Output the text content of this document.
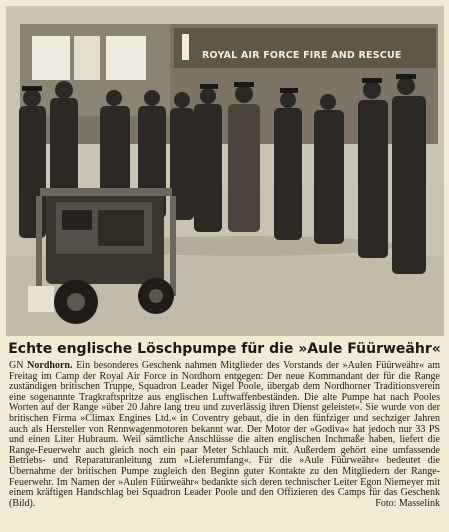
ROYAL AIR FORCE FIRE AND RESCUE
Echte englische Löschpumpe für die »Aule Füürweähr«
GN Nordhorn. Ein besonderes Geschenk nahmen Mitglieder des Vorstands der »Aulen Füürweähr« am Freitag im Camp der Royal Air Force in Nordhorn entgegen: Der neue Kommandant der für die Range zuständigen britischen Truppe, Squadron Leader Nigel Poole, übergab dem Nordhorner Traditionsverein eine sogenannte Tragkraftspritze aus englischen Luftwaffenbeständen. Die alte Pumpe hat nach Pooles Worten auf der Range »über 20 Jahre lang treu und zuverlässig ihren Dienst geleistet«. Sie wurde von der britischen Firma »Climax Engines Ltd.« in Coventry gebaut, die in den fünfziger und sechziger Jahren auch als Hersteller von Rennwagenmotoren bekannt war. Der Motor der »Godiva« hat jedoch nur 33 PS und einen Liter Hubraum. Weil sämtliche Anschlüsse die alten englischen Inchmaße haben, liefert die Range-Feuerwehr auch gleich noch ein paar Meter Schlauch mit. Außerdem gehört eine umfassende Betriebs- und Reparaturanleitung zum »Lieferumfang«. Für die »Aule Füürweähr« bedeutet die Übernahme der britischen Pumpe zugleich den Beginn guter Kontakte zu den Mitgliedern der Range-Feuerwehr. Im Namen der »Aulen Füürweähr« bedankte sich deren technischer Leiter Egon Niemeyer mit einem kräftigen Handschlag bei Squadron Leader Poole und den Offizieren des Camps für das Geschenk (Bild).	Foto: Masselink
